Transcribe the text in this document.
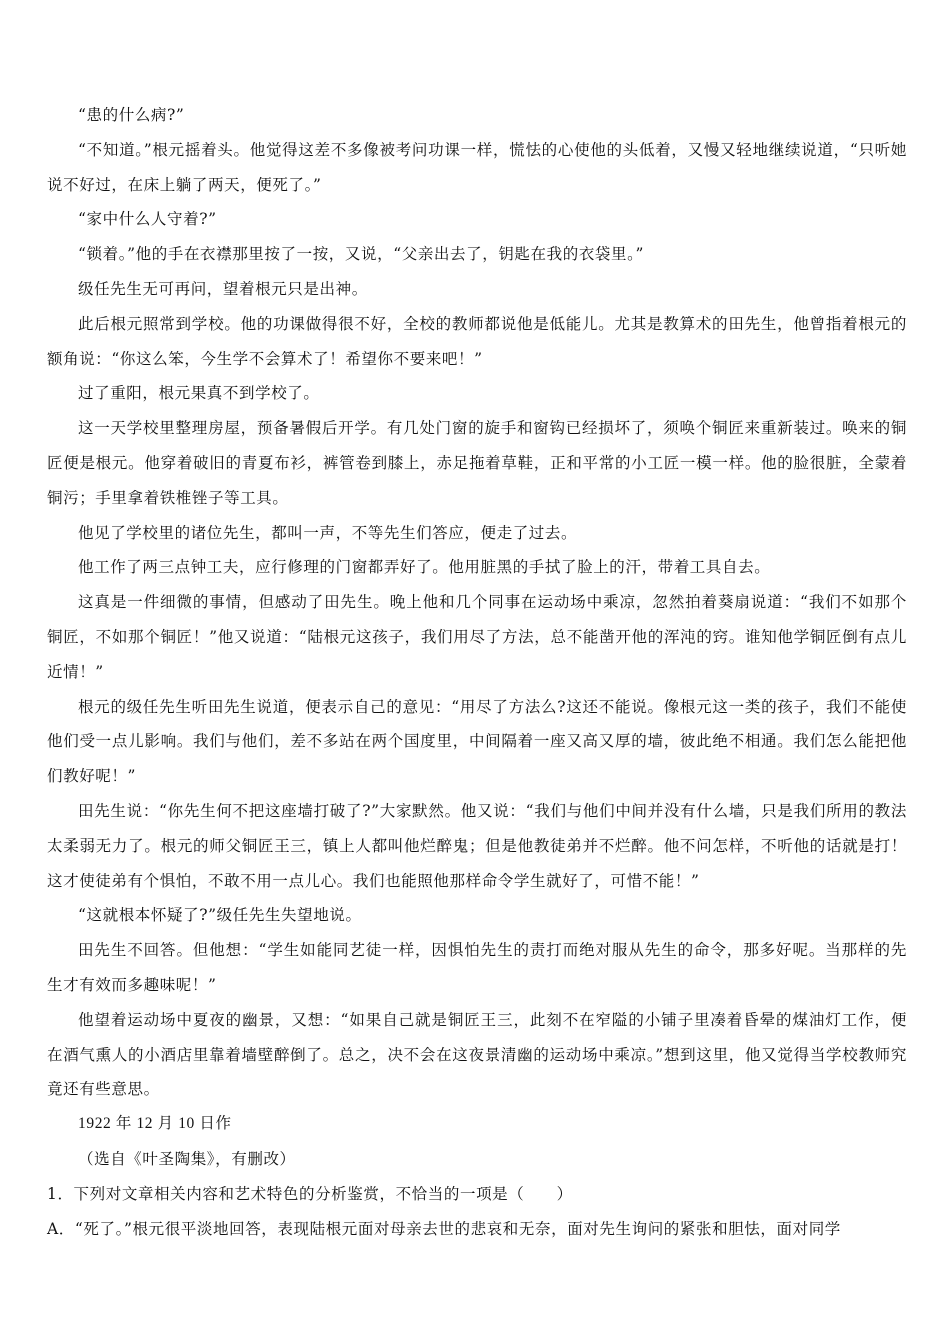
“患的什么病?”

“不知道。”根元摇着头。他觉得这差不多像被考问功课一样，慌怯的心使他的头低着，又慢又轻地继续说道，“只听她说不好过，在床上躺了两天，便死了。”

“家中什么人守着?”

“锁着。”他的手在衣襟那里按了一按，又说，“父亲出去了，钥匙在我的衣袋里。”

级任先生无可再问，望着根元只是出神。

此后根元照常到学校。他的功课做得很不好，全校的教师都说他是低能儿。尤其是教算术的田先生，他曾指着根元的额角说：“你这么笨，今生学不会算术了！希望你不要来吧！”

过了重阳，根元果真不到学校了。

这一天学校里整理房屋，预备暑假后开学。有几处门窗的旋手和窗钩已经损坏了，须唤个铜匠来重新装过。唤来的铜匠便是根元。他穿着破旧的青夏布衫，裤管卷到膝上，赤足拖着草鞋，正和平常的小工匠一模一样。他的脸很脏，全蒙着铜污；手里拿着铁椎锉子等工具。

他见了学校里的诸位先生，都叫一声，不等先生们答应，便走了过去。

他工作了两三点钟工夫，应行修理的门窗都弄好了。他用脏黑的手拭了脸上的汗，带着工具自去。

这真是一件细微的事情，但感动了田先生。晚上他和几个同事在运动场中乘凉，忽然拍着葵扇说道：“我们不如那个铜匠，不如那个铜匠！”他又说道：“陆根元这孩子，我们用尽了方法，总不能凿开他的浑沌的窍。谁知他学铜匠倒有点儿近情！”

根元的级任先生听田先生说道，便表示自己的意见：“用尽了方法么?这还不能说。像根元这一类的孩子，我们不能使他们受一点儿影响。我们与他们，差不多站在两个国度里，中间隔着一座又高又厚的墙，彼此绝不相通。我们怎么能把他们教好呢！”

田先生说：“你先生何不把这座墙打破了?”大家默然。他又说：“我们与他们中间并没有什么墙，只是我们所用的教法太柔弱无力了。根元的师父铜匠王三，镇上人都叫他烂醉鬼；但是他教徒弟并不烂醉。他不问怎样，不听他的话就是打！这才使徒弟有个惧怕，不敢不用一点儿心。我们也能照他那样命令学生就好了，可惜不能！”

“这就根本怀疑了?”级任先生失望地说。

田先生不回答。但他想：“学生如能同艺徒一样，因惧怕先生的责打而绝对服从先生的命令，那多好呢。当那样的先生才有效而多趣味呢！”

他望着运动场中夏夜的幽景，又想：“如果自己就是铜匠王三，此刻不在窄隘的小铺子里凑着昏晕的煤油灯工作，便在酒气熏人的小酒店里靠着墙壁醉倒了。总之，决不会在这夜景清幽的运动场中乘凉。”想到这里，他又觉得当学校教师究竟还有些意思。

1922 年 12 月 10 日作

（选自《叶圣陶集》，有删改）

1．下列对文章相关内容和艺术特色的分析鉴赏，不恰当的一项是（　　）

A．“死了。”根元很平淡地回答，表现陆根元面对母亲去世的悲哀和无奈，面对先生询问的紧张和胆怯，面对同学
